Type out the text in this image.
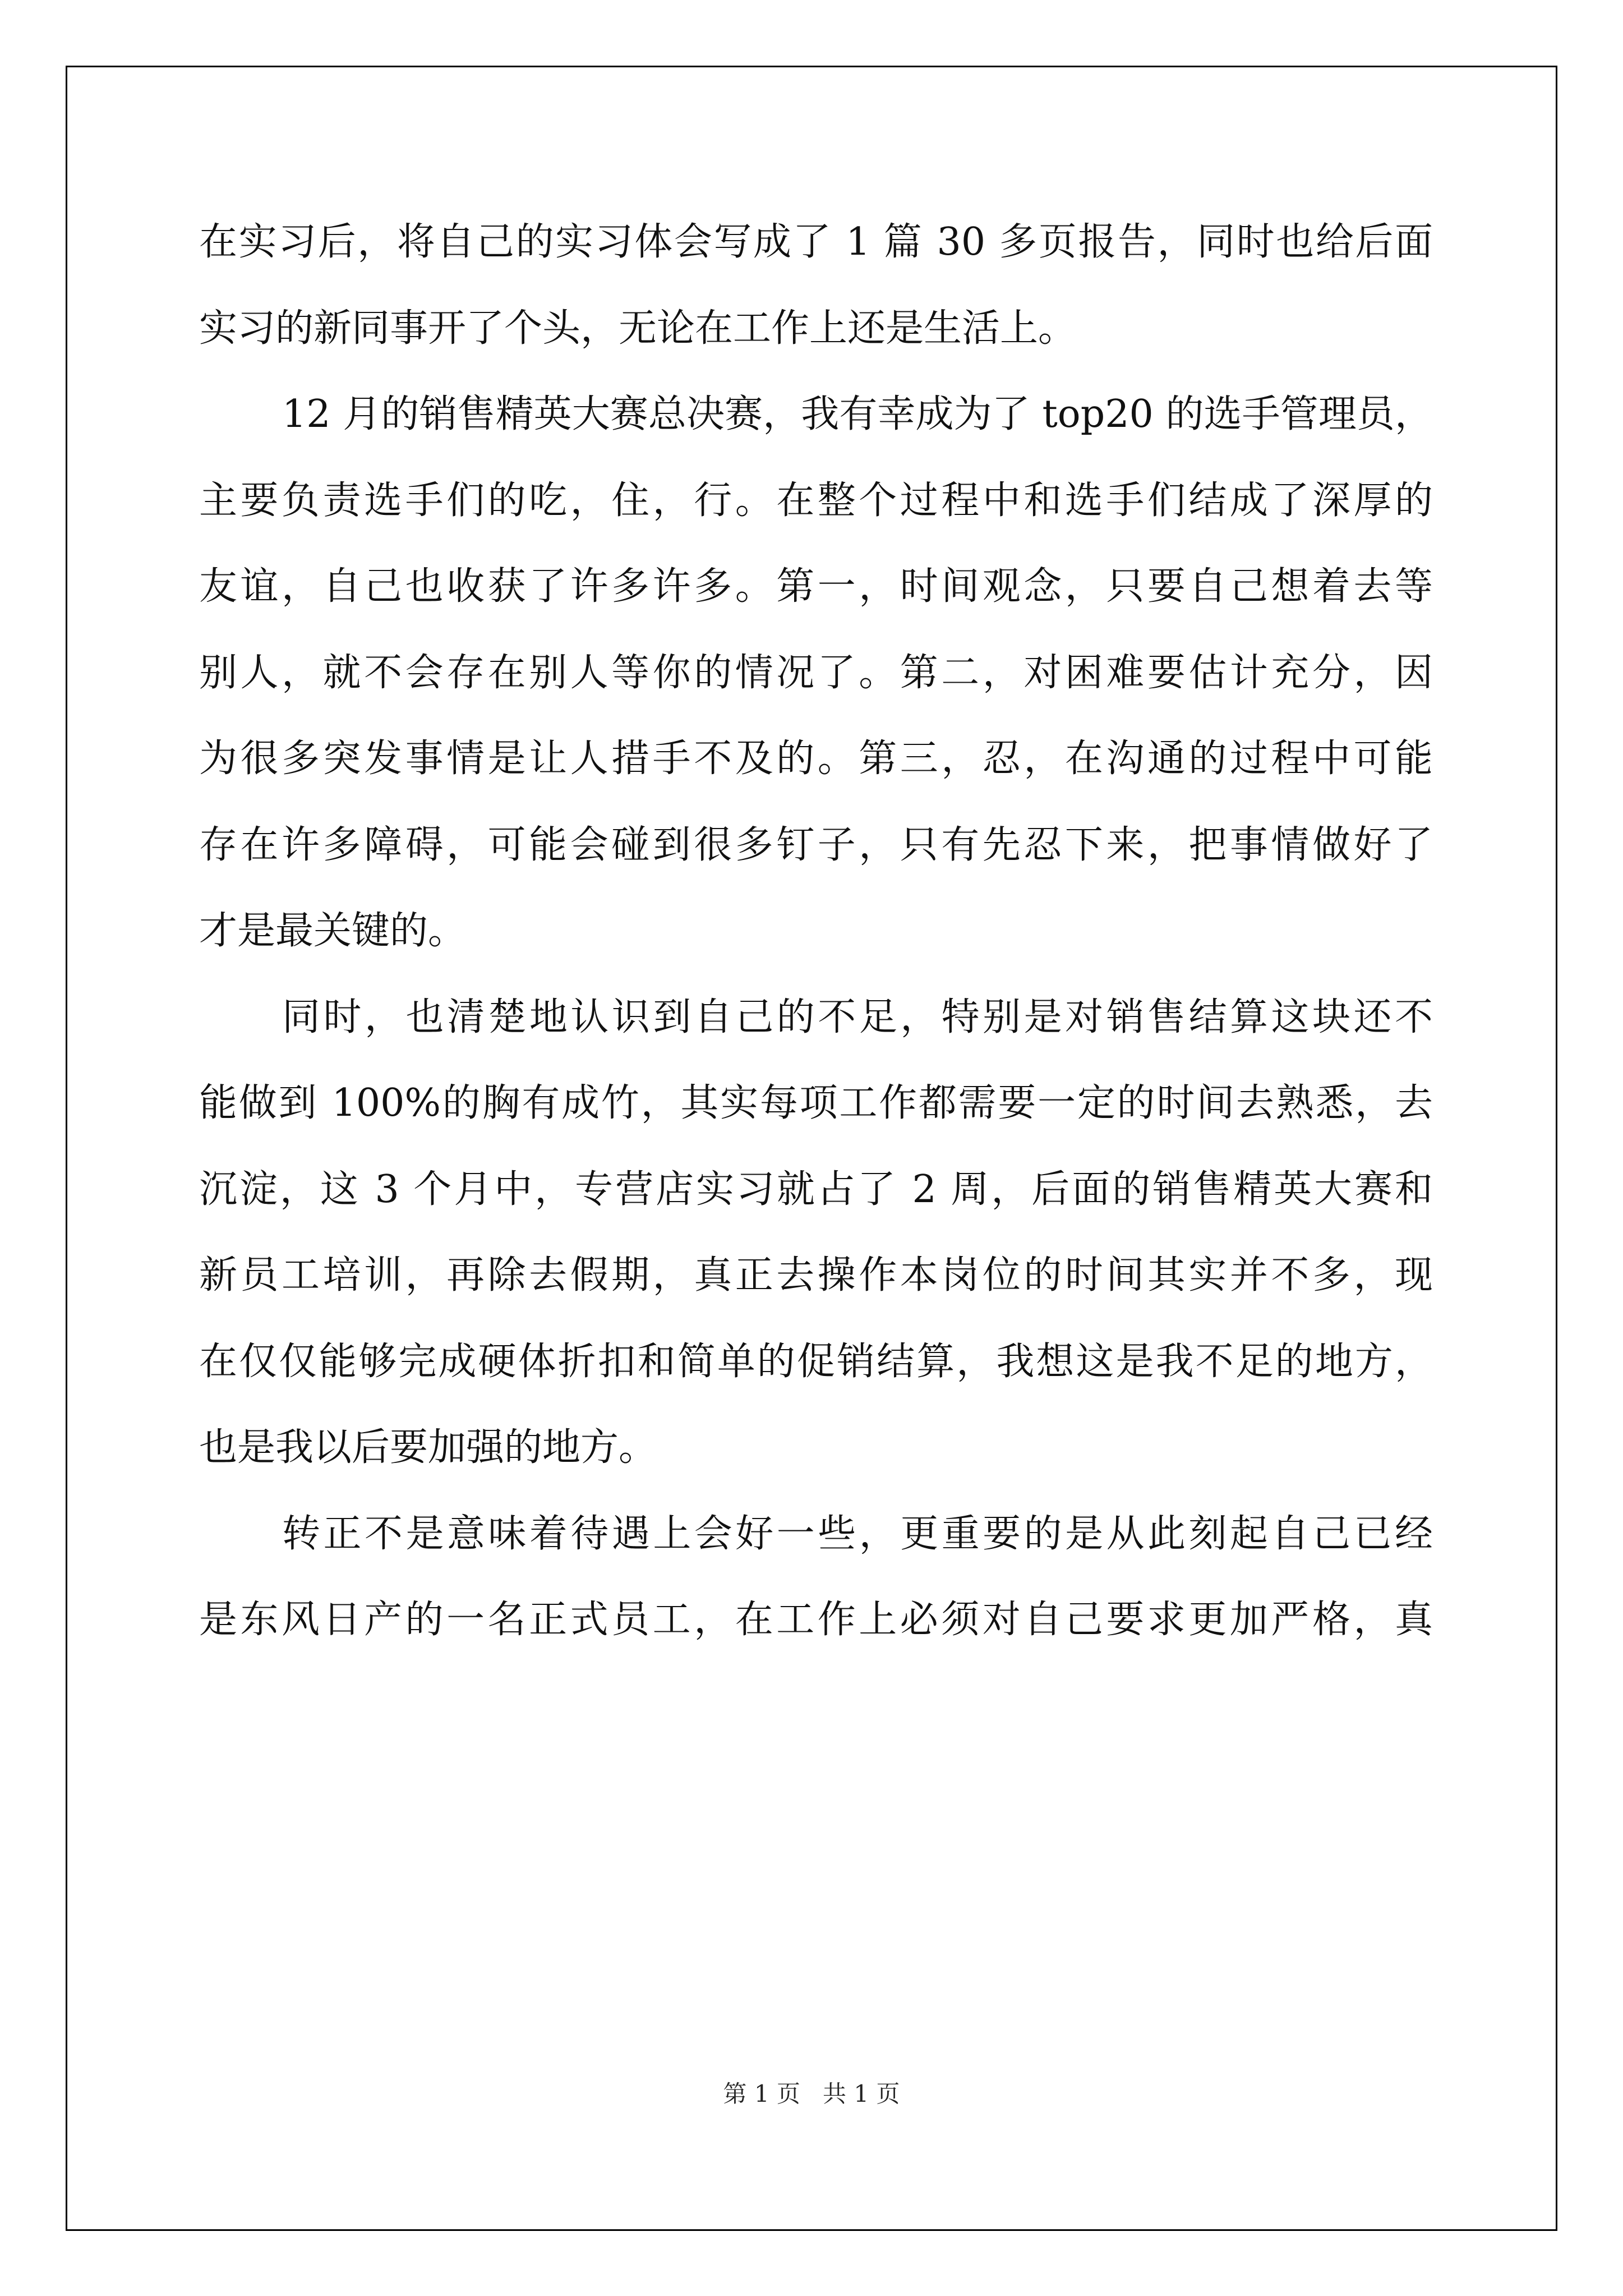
在实习后，将自己的实习体会写成了 1 篇 30 多页报告，同时也给后面
实习的新同事开了个头，无论在工作上还是生活上。
12 月的销售精英大赛总决赛，我有幸成为了 top20 的选手管理员，
主要负责选手们的吃，住，行。在整个过程中和选手们结成了深厚的
友谊，自己也收获了许多许多。第一，时间观念，只要自己想着去等
别人，就不会存在别人等你的情况了。第二，对困难要估计充分，因
为很多突发事情是让人措手不及的。第三，忍，在沟通的过程中可能
存在许多障碍，可能会碰到很多钉子，只有先忍下来，把事情做好了
才是最关键的。
同时，也清楚地认识到自己的不足，特别是对销售结算这块还不
能做到 100%的胸有成竹，其实每项工作都需要一定的时间去熟悉，去
沉淀，这 3 个月中，专营店实习就占了 2 周，后面的销售精英大赛和
新员工培训，再除去假期，真正去操作本岗位的时间其实并不多，现
在仅仅能够完成硬体折扣和简单的促销结算，我想这是我不足的地方，
也是我以后要加强的地方。
转正不是意味着待遇上会好一些，更重要的是从此刻起自己已经
是东风日产的一名正式员工，在工作上必须对自己要求更加严格，真
第 1 页   共 1 页
